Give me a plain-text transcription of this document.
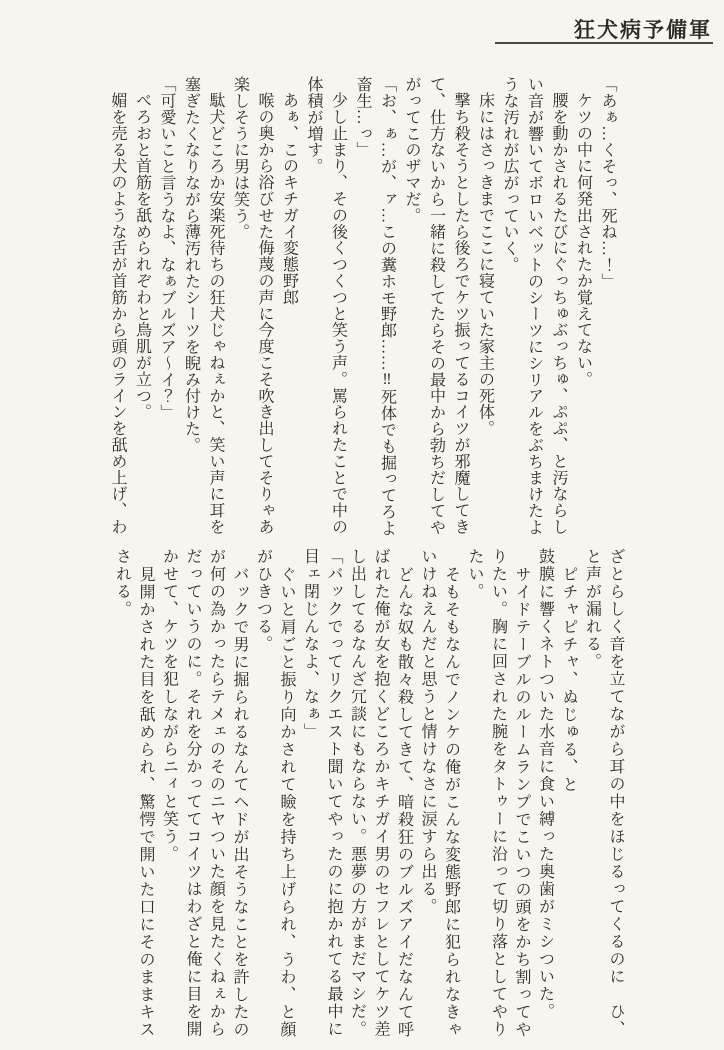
狂犬病予備軍

「あぁ…くそっ、死ね…！」

ケツの中に何発出されたか覚えてない。

腰を動かされるたびにぐっちゅぶっちゅ、ぷぷ、と汚ならし

い音が響いてボロいベットのシーツにシリアルをぶちまけたよ

うな汚れが広がっていく。

床にはさっきまでここに寝ていた家主の死体。

撃ち殺そうとしたら後ろでケツ振ってるコイツが邪魔してき

て、仕方ないから一緒に殺してたらその最中から勃ちだしてや

がってこのザマだ。

「お、ぁ…が、ァ…この糞ホモ野郎……‼死体でも掘ってろよ

畜生…っ」

少し止まり、その後くつくつと笑う声。罵られたことで中の

体積が増す。

あぁ、このキチガイ変態野郎

喉の奥から浴びせた侮蔑の声に今度こそ吹き出してそりゃあ

楽しそうに男は笑う。

駄犬どころか安楽死待ちの狂犬じゃねぇかと、笑い声に耳を

塞ぎたくなりながら薄汚れたシーツを睨み付けた。

「可愛いこと言うなよ、なぁブルズア～イ？」

べろおと首筋を舐められぞわと鳥肌が立つ。

媚を売る犬のような舌が首筋から頭のラインを舐め上げ、わ

ざとらしく音を立てながら耳の中をほじるってくるのに　ひ、

と声が漏れる。

ピチャピチャ、ぬじゅる、と

鼓膜に響くネトついた水音に食い縛った奥歯がミシついた。

サイドテーブルのルームランプでこいつの頭をかち割ってや

りたい。胸に回された腕をタトゥーに沿って切り落としてやり

たい。

そもそもなんでノンケの俺がこんな変態野郎に犯られなきゃ

いけねえんだと思うと情けなさに涙すら出る。

どんな奴も散々殺してきて、暗殺狂のブルズアイだなんて呼

ばれた俺が女を抱くどころかキチガイ男のセフレとしてケツ差

し出してるなんざ冗談にもならない。悪夢の方がまだマシだ。

「バックでってリクエスト聞いてやったのに抱かれてる最中に

目ェ閉じんなよ、なぁ」

ぐいと肩ごと振り向かされて瞼を持ち上げられ、うわ、と顔

がひきつる。

バックで男に掘られるなんてヘドが出そうなことを許したの

が何の為かったらテメェのそのニヤついた顔を見たくねぇから

だっていうのに。それを分かっててコイツはわざと俺に目を開

かせて、ケツを犯しながらニィと笑う。

見開かされた目を舐められ、驚愕で開いた口にそのままキス

される。
